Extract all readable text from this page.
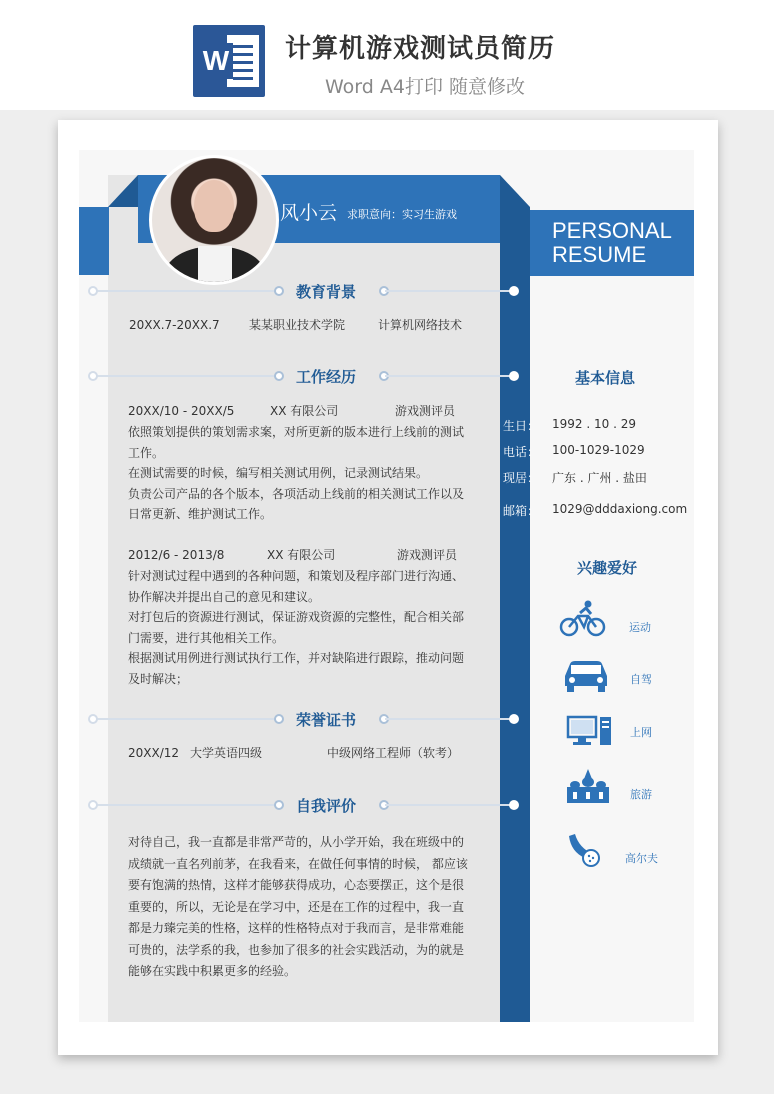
W 计算机游戏测试员简历
Word A4打印 随意修改
PERSONAL
RESUME
风小云 求职意向：实习生游戏
教育背景
20XX.7-20XX.7 某某职业技术学院	计算机网络技术
工作经历
20XX/10 - 20XX/5	XX 有限公司	游戏测评员
依照策划提供的策划需求案，对所更新的版本进行上线前的测试
工作。
在测试需要的时候，编写相关测试用例，记录测试结果。
负责公司产品的各个版本，各项活动上线前的相关测试工作以及
日常更新、维护测试工作。
2012/6 - 2013/8	XX 有限公司	游戏测评员
针对测试过程中遇到的各种问题，和策划及程序部门进行沟通、
协作解决并提出自己的意见和建议。
对打包后的资源进行测试，保证游戏资源的完整性，配合相关部
门需要，进行其他相关工作。
根据测试用例进行测试执行工作，并对缺陷进行跟踪，推动问题
及时解决；
荣誉证书
20XX/12 大学英语四级	中级网络工程师（软考）
自我评价
对待自己，我一直都是非常严苛的，从小学开始，我在班级中的
成绩就一直名列前茅，在我看来，在做任何事情的时候， 都应该
要有饱满的热情，这样才能够获得成功，心态要摆正，这个是很
重要的，所以，无论是在学习中，还是在工作的过程中，我一直
都是力臻完美的性格，这样的性格特点对于我而言，是非常难能
可贵的，法学系的我，也参加了很多的社会实践活动，为的就是
能够在实践中积累更多的经验。
基本信息
生日： 1992 . 10 . 29
电话： 100-1029-1029
现居： 广东 . 广州 . 盐田
邮箱： 1029@dddaxiong.com
兴趣爱好
运动
自驾
上网
旅游
高尔夫
